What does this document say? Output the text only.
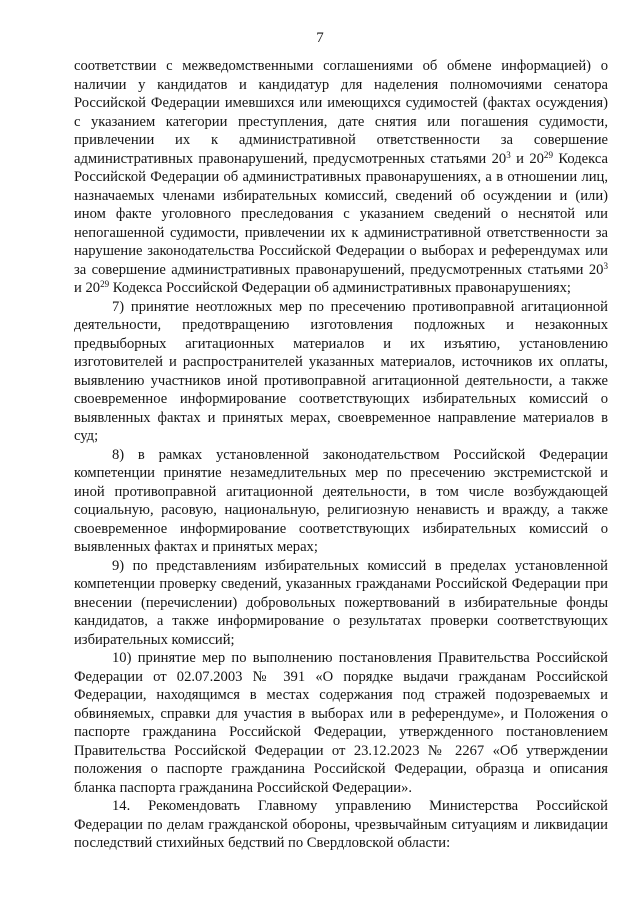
7

соответствии с межведомственными соглашениями об обмене информацией) о наличии у кандидатов и кандидатур для наделения полномочиями сенатора Российской Федерации имевшихся или имеющихся судимостей (фактах осуждения) с указанием категории преступления, дате снятия или погашения судимости, привлечении их к административной ответственности за совершение административных правонарушений, предусмотренных статьями $20^3$ и $20^{29}$ Кодекса Российской Федерации об административных правонарушениях, а в отношении лиц, назначаемых членами избирательных комиссий, сведений об осуждении и (или) ином факте уголовного преследования с указанием сведений о неснятой или непогашенной судимости, привлечении их к административной ответственности за нарушение законодательства Российской Федерации о выборах и референдумах или за совершение административных правонарушений, предусмотренных статьями $20^3$ и $20^{29}$ Кодекса Российской Федерации об административных правонарушениях;

7) принятие неотложных мер по пресечению противоправной агитационной деятельности, предотвращению изготовления подложных и незаконных предвыборных агитационных материалов и их изъятию, установлению изготовителей и распространителей указанных материалов, источников их оплаты, выявлению участников иной противоправной агитационной деятельности, а также своевременное информирование соответствующих избирательных комиссий о выявленных фактах и принятых мерах, своевременное направление материалов в суд;

8) в рамках установленной законодательством Российской Федерации компетенции принятие незамедлительных мер по пресечению экстремистской и иной противоправной агитационной деятельности, в том числе возбуждающей социальную, расовую, национальную, религиозную ненависть и вражду, а также своевременное информирование соответствующих избирательных комиссий о выявленных фактах и принятых мерах;

9) по представлениям избирательных комиссий в пределах установленной компетенции проверку сведений, указанных гражданами Российской Федерации при внесении (перечислении) добровольных пожертвований в избирательные фонды кандидатов, а также информирование о результатах проверки соответствующих избирательных комиссий;

10) принятие мер по выполнению постановления Правительства Российской Федерации от 02.07.2003 № 391 «О порядке выдачи гражданам Российской Федерации, находящимся в местах содержания под стражей подозреваемых и обвиняемых, справки для участия в выборах или в референдуме», и Положения о паспорте гражданина Российской Федерации, утвержденного постановлением Правительства Российской Федерации от 23.12.2023 № 2267 «Об утверждении положения о паспорте гражданина Российской Федерации, образца и описания бланка паспорта гражданина Российской Федерации».

14. Рекомендовать Главному управлению Министерства Российской Федерации по делам гражданской обороны, чрезвычайным ситуациям и ликвидации последствий стихийных бедствий по Свердловской области:
